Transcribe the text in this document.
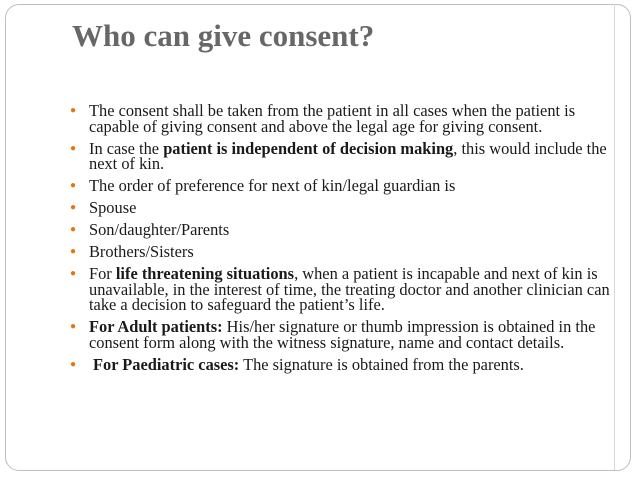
Who can give consent?
● The consent shall be taken from the patient in all cases when the patient is capable of giving consent and above the legal age for giving consent.
● In case the patient is independent of decision making, this would include the next of kin.
● The order of preference for next of kin/legal guardian is
● Spouse
● Son/daughter/Parents
● Brothers/Sisters
● For life threatening situations, when a patient is incapable and next of kin is unavailable, in the interest of time, the treating doctor and another clinician can take a decision to safeguard the patient’s life.
● For Adult patients: His/her signature or thumb impression is obtained in the consent form along with the witness signature, name and contact details.
● For Paediatric cases: The signature is obtained from the parents.
